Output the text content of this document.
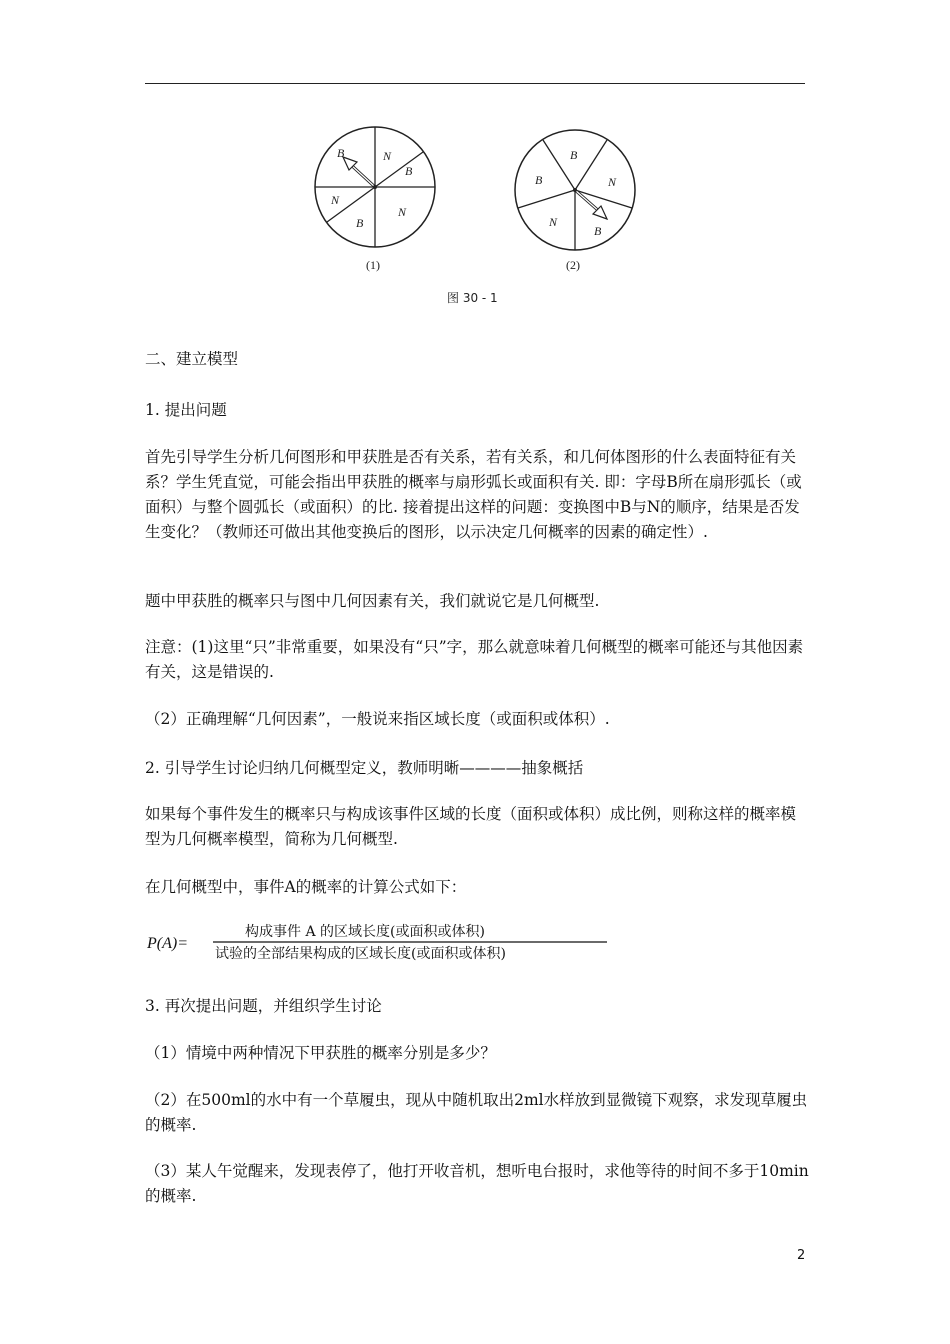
B	N
B
N
B
N
(1)
B
B	N
B
N
(2)
图 30 - 1

二、建立模型

1. 提出问题

首先引导学生分析几何图形和甲获胜是否有关系，若有关系，和几何体图形的什么表面特征有关系？学生凭直觉，可能会指出甲获胜的概率与扇形弧长或面积有关. 即：字母B所在扇形弧长（或面积）与整个圆弧长（或面积）的比. 接着提出这样的问题：变换图中B与N的顺序，结果是否发生变化？（教师还可做出其他变换后的图形，以示决定几何概率的因素的确定性）.

题中甲获胜的概率只与图中几何因素有关，我们就说它是几何概型.

注意：(1)这里“只”非常重要，如果没有“只”字，那么就意味着几何概型的概率可能还与其他因素有关，这是错误的.

（2）正确理解“几何因素”，一般说来指区域长度（或面积或体积）.

2. 引导学生讨论归纳几何概型定义，教师明晰————抽象概括

如果每个事件发生的概率只与构成该事件区域的长度（面积或体积）成比例，则称这样的概率模型为几何概率模型，简称为几何概型.

在几何概型中，事件A的概率的计算公式如下：

P(A)=
构成事件 A 的区域长度(或面积或体积)
试验的全部结果构成的区域长度(或面积或体积)

3. 再次提出问题，并组织学生讨论

（1）情境中两种情况下甲获胜的概率分别是多少？

（2）在500ml的水中有一个草履虫，现从中随机取出2ml水样放到显微镜下观察，求发现草履虫的概率.

（3）某人午觉醒来，发现表停了，他打开收音机，想听电台报时，求他等待的时间不多于10min的概率.

2
